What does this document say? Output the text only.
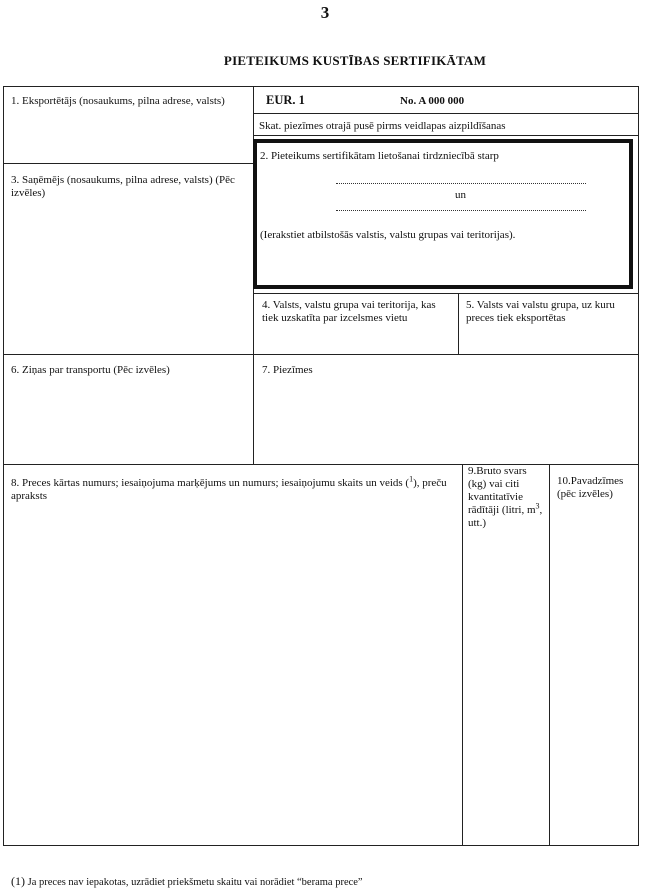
3
PIETEIKUMS KUSTĪBAS SERTIFIKĀTAM
1. Eksportētājs (nosaukums, pilna adrese, valsts)	EUR. 1	No. A 000 000
Skat. piezīmes otrajā pusē pirms veidlapas aizpildīšanas
2. Pieteikums sertifikātam lietošanai tirdzniecībā starp
un
(Ierakstiet atbilstošās valstis, valstu grupas vai teritorijas).
3. Saņēmējs (nosaukums, pilna adrese, valsts) (Pēc izvēles)
4. Valsts, valstu grupa vai teritorija, kas tiek uzskatīta par izcelsmes vietu
5. Valsts vai valstu grupa, uz kuru preces tiek eksportētas
6. Ziņas par transportu (Pēc izvēles)	7. Piezīmes
8. Preces kārtas numurs; iesaiņojuma marķējums un numurs; iesaiņojumu skaits un veids ($^1$), preču apraksts
9.Bruto svars (kg) vai citi kvantitatīvie rādītāji (litri, $m^3$, utt.)
10.Pavadzīmes (pēc izvēles)
(1) Ja preces nav iepakotas, uzrādiet priekšmetu skaitu vai norādiet “berama prece”
